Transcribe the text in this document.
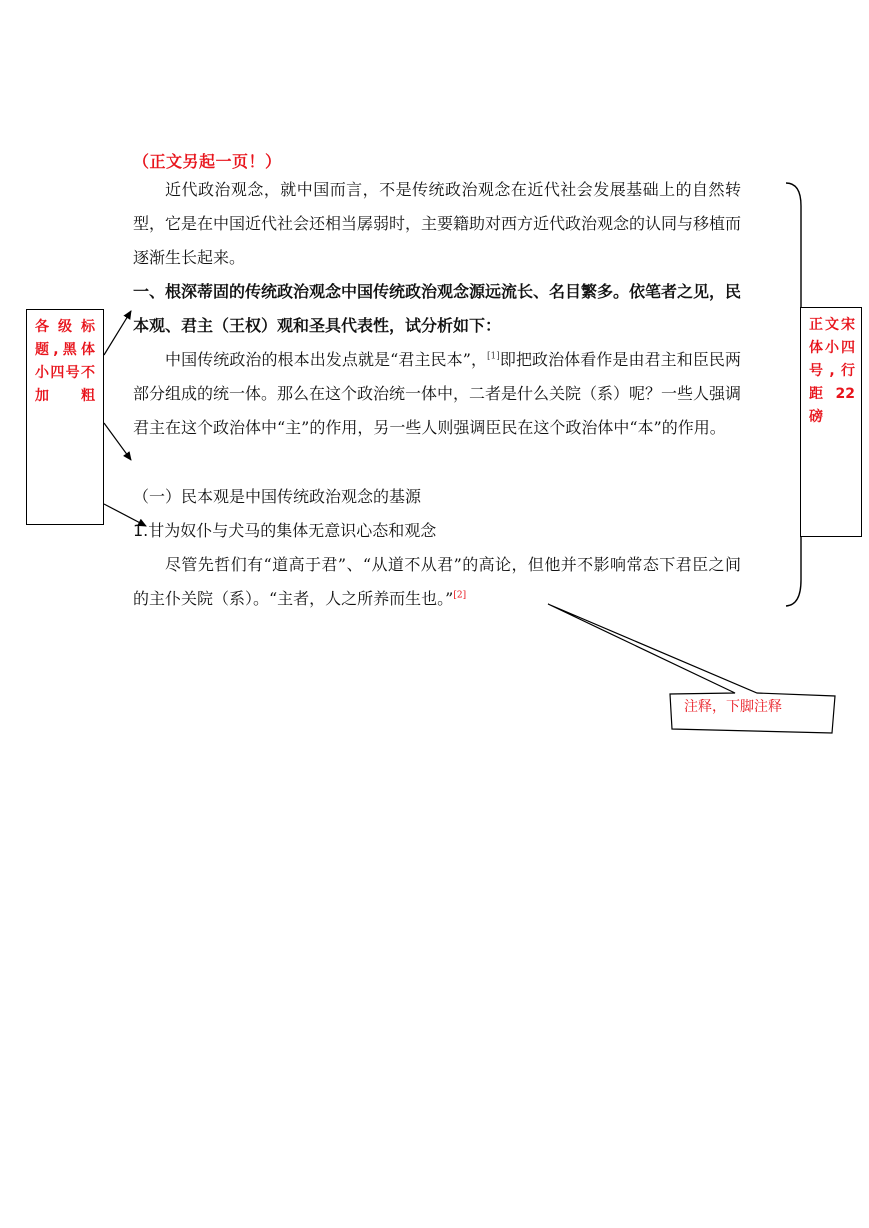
（正文另起一页！）
近代政治观念，就中国而言，不是传统政治观念在近代社会发展基础上的自然转型，它是在中国近代社会还相当孱弱时，主要籍助对西方近代政治观念的认同与移植而逐渐生长起来。
一、根深蒂固的传统政治观念中国传统政治观念源远流长、名目繁多。依笔者之见，民本观、君主（王权）观和圣具代表性，试分析如下：
中国传统政治的根本出发点就是“君主民本”，[1]即把政治体看作是由君主和臣民两部分组成的统一体。那么在这个政治统一体中，二者是什么关院（系）呢？一些人强调君主在这个政治体中“主”的作用，另一些人则强调臣民在这个政治体中“本”的作用。
（一）民本观是中国传统政治观念的基源
1.甘为奴仆与犬马的集体无意识心态和观念
尽管先哲们有“道高于君”、“从道不从君”的高论，但他并不影响常态下君臣之间的主仆关院（系）。“主者，人之所养而生也。”[2]
各级标题,黑体小四号不加粗
正文宋体小四号,行距22磅
注释，下脚注释
